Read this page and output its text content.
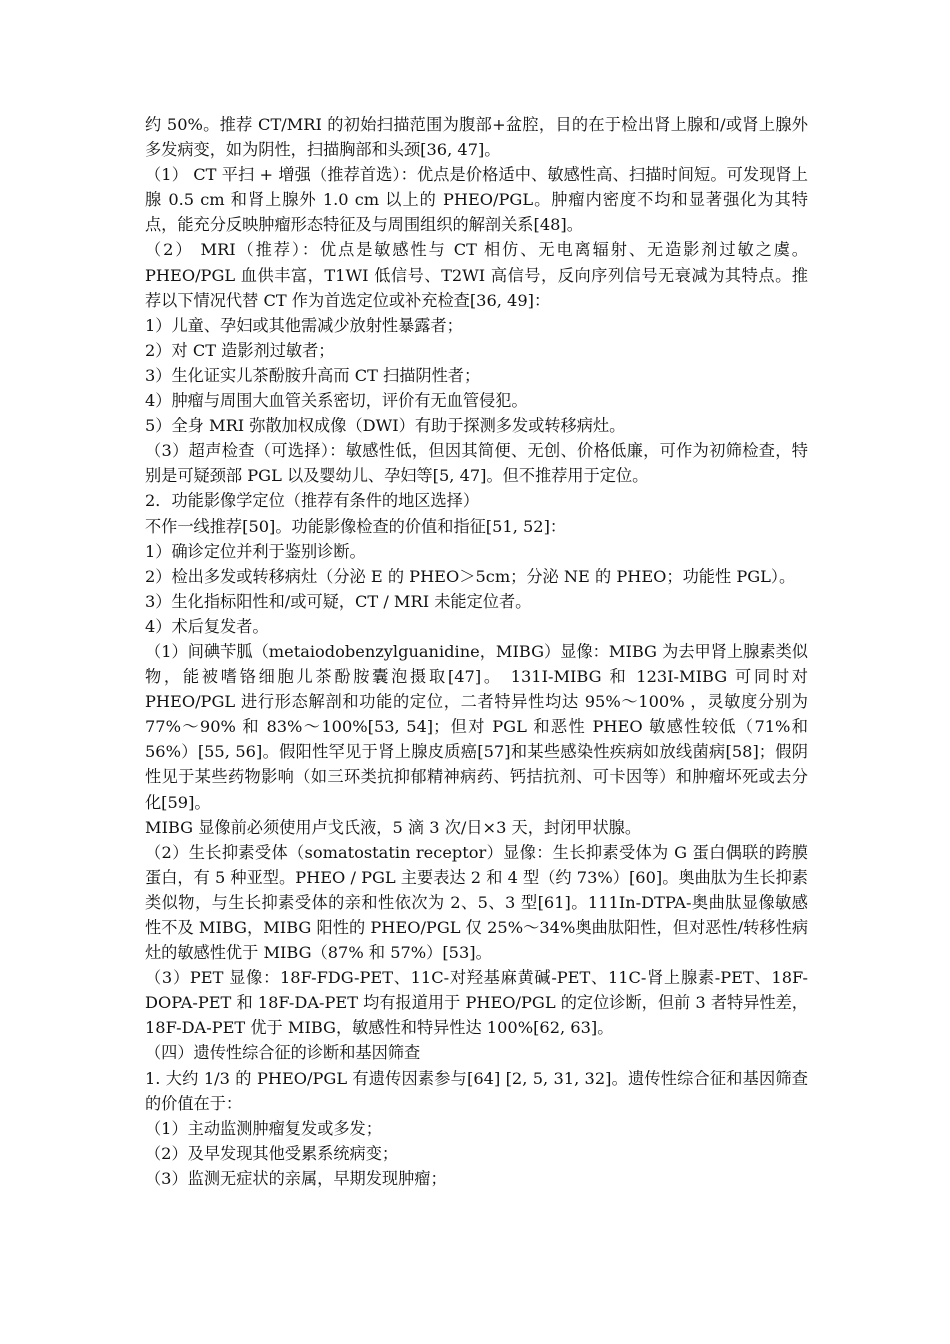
约 50%。推荐 CT/MRI 的初始扫描范围为腹部+盆腔，目的在于检出肾上腺和/或肾上腺外多发病变，如为阴性，扫描胸部和头颈[36, 47]。

（1） CT 平扫 + 增强（推荐首选）：优点是价格适中、敏感性高、扫描时间短。可发现肾上腺 0.5 cm 和肾上腺外 1.0 cm 以上的 PHEO/PGL。肿瘤内密度不均和显著强化为其特点，能充分反映肿瘤形态特征及与周围组织的解剖关系[48]。

（2） MRI（推荐）：优点是敏感性与 CT 相仿、无电离辐射、无造影剂过敏之虞。PHEO/PGL 血供丰富，T1WI 低信号、T2WI 高信号，反向序列信号无衰减为其特点。推荐以下情况代替 CT 作为首选定位或补充检查[36, 49]：

1）儿童、孕妇或其他需减少放射性暴露者；

2）对 CT 造影剂过敏者；

3）生化证实儿茶酚胺升高而 CT 扫描阴性者；

4）肿瘤与周围大血管关系密切，评价有无血管侵犯。

5）全身 MRI 弥散加权成像（DWI）有助于探测多发或转移病灶。

（3）超声检查（可选择）：敏感性低，但因其简便、无创、价格低廉，可作为初筛检查，特别是可疑颈部 PGL 以及婴幼儿、孕妇等[5, 47]。但不推荐用于定位。

2．功能影像学定位（推荐有条件的地区选择）

不作一线推荐[50]。功能影像检查的价值和指征[51, 52]：

1）确诊定位并利于鉴别诊断。

2）检出多发或转移病灶（分泌 E 的 PHEO＞5cm；分泌 NE 的 PHEO；功能性 PGL）。

3）生化指标阳性和/或可疑，CT / MRI 未能定位者。

4）术后复发者。

（1）间碘苄胍（metaiodobenzylguanidine，MIBG）显像：MIBG 为去甲肾上腺素类似物，能被嗜铬细胞儿茶酚胺囊泡摄取[47]。 131I-MIBG 和 123I-MIBG 可同时对 PHEO/PGL 进行形态解剖和功能的定位，二者特异性均达 95%～100% ，灵敏度分别为 77%～90% 和 83%～100%[53, 54]；但对 PGL 和恶性 PHEO 敏感性较低（71%和 56%）[55, 56]。假阳性罕见于肾上腺皮质癌[57]和某些感染性疾病如放线菌病[58]；假阴性见于某些药物影响（如三环类抗抑郁精神病药、钙拮抗剂、可卡因等）和肿瘤坏死或去分化[59]。

MIBG 显像前必须使用卢戈氏液，5 滴 3 次/日×3 天，封闭甲状腺。

（2）生长抑素受体（somatostatin receptor）显像：生长抑素受体为 G 蛋白偶联的跨膜蛋白，有 5 种亚型。PHEO / PGL 主要表达 2 和 4 型（约 73%）[60]。奥曲肽为生长抑素类似物，与生长抑素受体的亲和性依次为 2、5、3 型[61]。111In-DTPA-奥曲肽显像敏感性不及 MIBG，MIBG 阳性的 PHEO/PGL 仅 25%～34%奥曲肽阳性，但对恶性/转移性病灶的敏感性优于 MIBG（87% 和 57%）[53]。

（3）PET 显像：18F-FDG-PET、11C-对羟基麻黄碱-PET、11C-肾上腺素-PET、18F-DOPA-PET 和 18F-DA-PET 均有报道用于 PHEO/PGL 的定位诊断，但前 3 者特异性差， 18F-DA-PET 优于 MIBG，敏感性和特异性达 100%[62, 63]。

（四）遗传性综合征的诊断和基因筛查

1. 大约 1/3 的 PHEO/PGL 有遗传因素参与[64] [2, 5, 31, 32]。遗传性综合征和基因筛查的价值在于：

（1）主动监测肿瘤复发或多发；

（2）及早发现其他受累系统病变；

（3）监测无症状的亲属，早期发现肿瘤；
